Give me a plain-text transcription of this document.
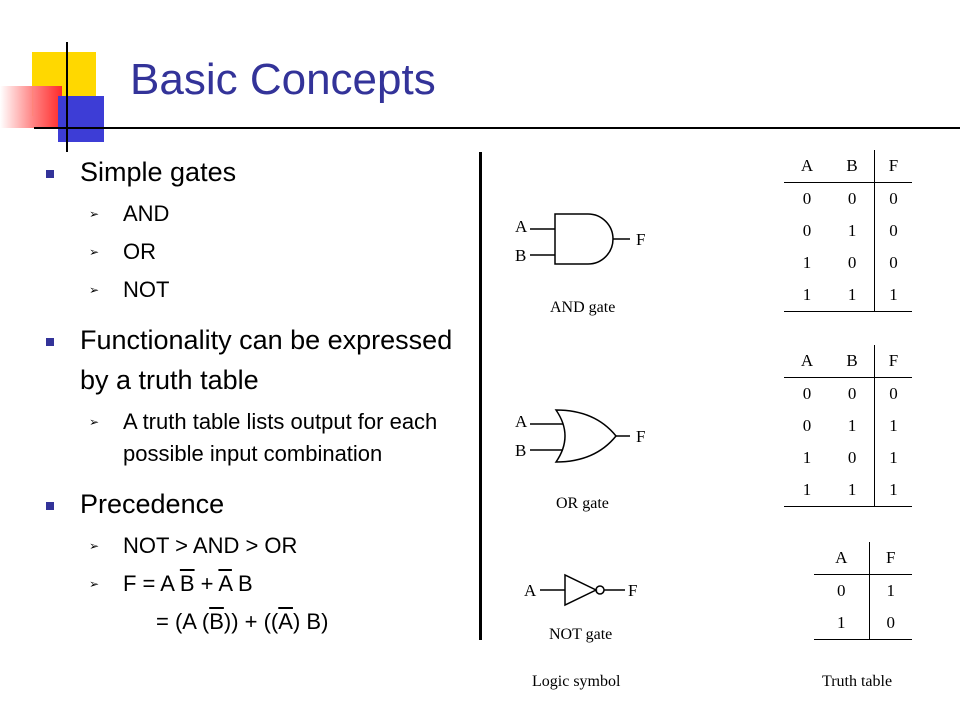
Basic Concepts
Simple gates
➢ AND
➢ OR
➢ NOT
Functionality can be expressed by a truth table
➢ A truth table lists output for each possible input combination
Precedence
➢ NOT > AND > OR
➢ F = A $\overline{B} + \overline{A}$ B
= (A $(\overline{B})) + ((\overline{A})$ B)
A
B
F
A
B
F
A	F
AND gate
OR gate
NOT gate
A	B	F
0	0	0
0	1	0
1	0	0
1	1	1
A	B	F
0	0	0
0	1	1
1	0	1
1	1	1
A	F
0	1
1	0
Logic symbol	Truth table
